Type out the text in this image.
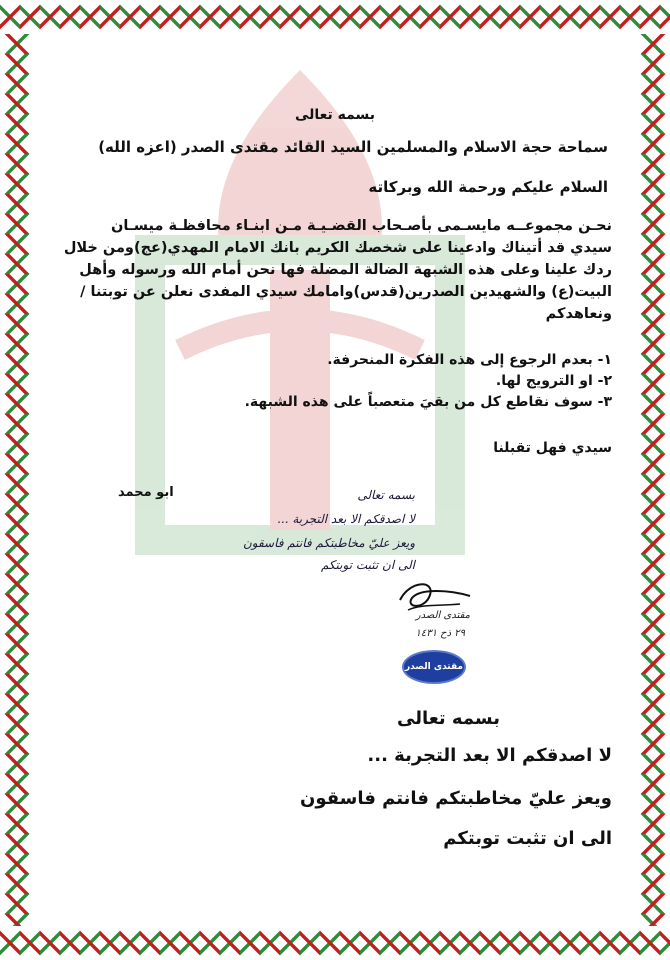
بسمه تعالى
سماحة حجة الاسلام والمسلمين السيد القائد مقتدى الصدر (اعزه الله)
السلام عليكم ورحمة الله وبركاته
نحـن مجموعــه مايسـمى بأصـحاب القضـيـة مـن ابنـاء محافظـة ميسـان
سيدي قد أتيناك وادعينا على شخصك الكريم بانك الامام المهدي(عج)ومن خلال
ردك علينا وعلى هذه الشبهة الضالة المضلة فها نحن أمام الله ورسوله وأهل
البيت(ع) والشهيدين الصدرين(قدس)وامامك سيدي المفدى نعلن عن توبتنا /
ونعاهدكم
١- بعدم الرجوع إلى هذه الفكرة المنحرفة.
٢- او الترويج لها.
٣- سوف نقاطع كل من بقيَ متعصباً على هذه الشبهة.
سيدي فهل تقبلنا
ابو محمد	بسمه تعالى
لا اصدقكم الا بعد التجربة ...
ويعز عليّ مخاطبتكم فانتم فاسقون
الى ان تثبت توبتكم
مقتدى الصدر
٢٩ ذح ١٤٣١
مقتدى الصدر
بسمه تعالى
لا اصدقكم الا بعد التجربة ...
ويعز عليّ مخاطبتكم فانتم فاسقون
الى ان تثبت توبتكم
